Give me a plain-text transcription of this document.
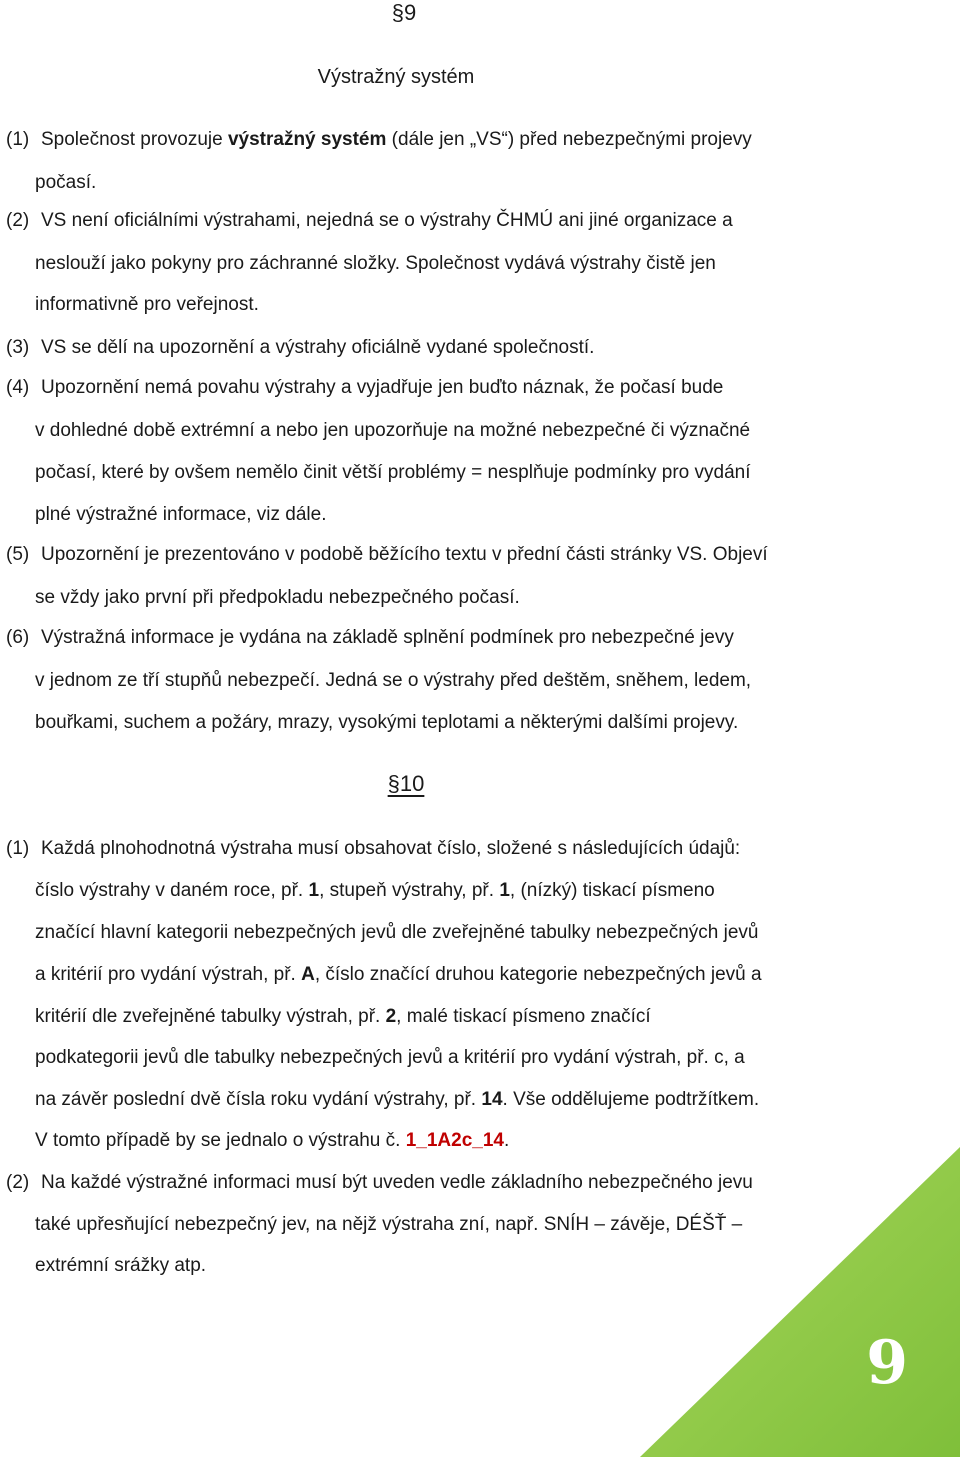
§9
Výstražný systém
(1) Společnost provozuje výstražný systém (dále jen „VS“) před nebezpečnými projevy
počasí.
(2) VS není oficiálními výstrahami, nejedná se o výstrahy ČHMÚ ani jiné organizace a
neslouží jako pokyny pro záchranné složky. Společnost vydává výstrahy čistě jen
informativně pro veřejnost.
(3) VS se dělí na upozornění a výstrahy oficiálně vydané společností.
(4) Upozornění nemá povahu výstrahy a vyjadřuje jen buďto náznak, že počasí bude
v dohledné době extrémní a nebo jen upozorňuje na možné nebezpečné či význačné
počasí, které by ovšem nemělo činit větší problémy = nesplňuje podmínky pro vydání
plné výstražné informace, viz dále.
(5) Upozornění je prezentováno v podobě běžícího textu v přední části stránky VS. Objeví
se vždy jako první při předpokladu nebezpečného počasí.
(6) Výstražná informace je vydána na základě splnění podmínek pro nebezpečné jevy
v jednom ze tří stupňů nebezpečí. Jedná se o výstrahy před deštěm, sněhem, ledem,
bouřkami, suchem a požáry, mrazy, vysokými teplotami a některými dalšími projevy.
§10
(1) Každá plnohodnotná výstraha musí obsahovat číslo, složené s následujících údajů:
číslo výstrahy v daném roce, př. 1, stupeň výstrahy, př. 1, (nízký) tiskací písmeno
značící hlavní kategorii nebezpečných jevů dle zveřejněné tabulky nebezpečných jevů
a kritérií pro vydání výstrah, př. A, číslo značící druhou kategorie nebezpečných jevů a
kritérií dle zveřejněné tabulky výstrah, př. 2, malé tiskací písmeno značící
podkategorii jevů dle tabulky nebezpečných jevů a kritérií pro vydání výstrah, př. c, a
na závěr poslední dvě čísla roku vydání výstrahy, př. 14. Vše oddělujeme podtržítkem.
V tomto případě by se jednalo o výstrahu č. 1_1A2c_14.
(2) Na každé výstražné informaci musí být uveden vedle základního nebezpečného jevu
také upřesňující nebezpečný jev, na nějž výstraha zní, např. SNÍH – závěje, DÉŠŤ –
extrémní srážky atp.
9
